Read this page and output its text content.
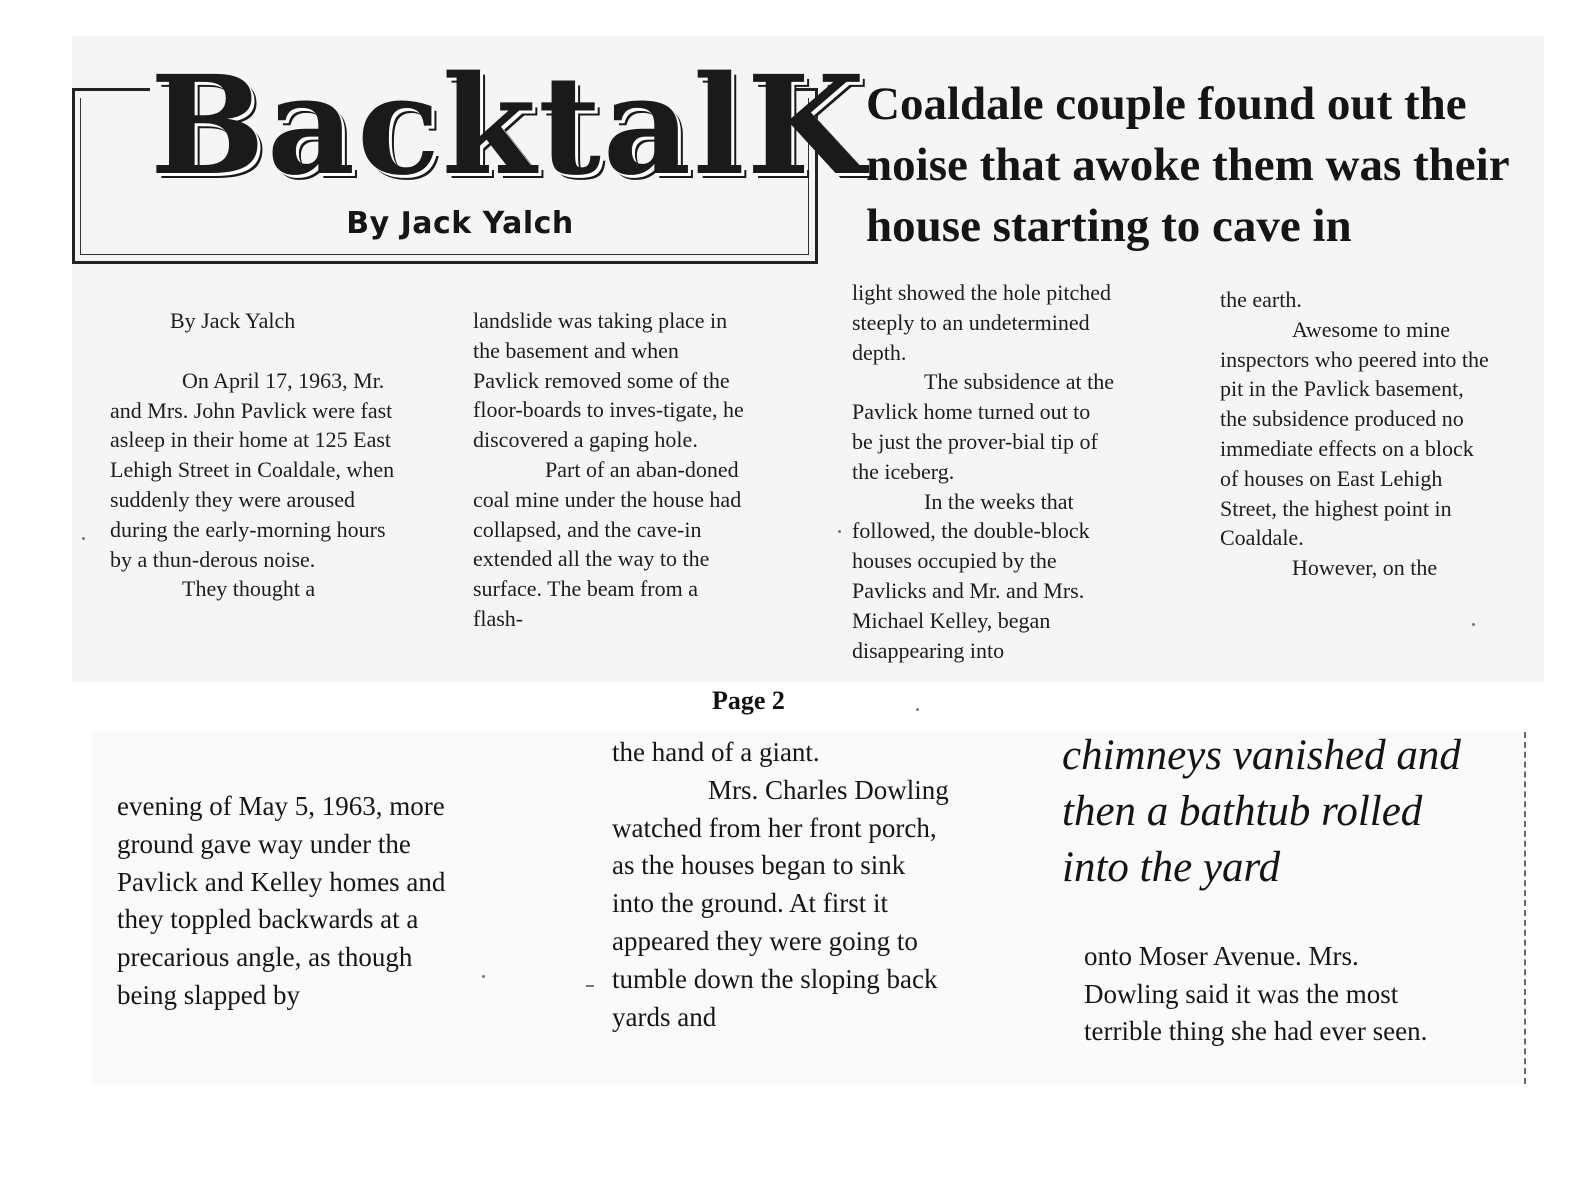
BacktalK
By Jack Yalch
Coaldale couple found out the noise that awoke them was their house starting to cave in

By Jack Yalch

On April 17, 1963, Mr. and Mrs. John Pavlick were fast asleep in their home at 125 East Lehigh Street in Coaldale, when suddenly they were aroused during the early-morning hours by a thun-derous noise.

They thought a

landslide was taking place in the basement and when Pavlick removed some of the floor-boards to inves-tigate, he discovered a gaping hole.

Part of an aban-doned coal mine under the house had collapsed, and the cave-in extended all the way to the surface. The beam from a flash-

light showed the hole pitched steeply to an undetermined depth.

The subsidence at the Pavlick home turned out to be just the prover-bial tip of the iceberg.

In the weeks that followed, the double-block houses occupied by the Pavlicks and Mr. and Mrs. Michael Kelley, began disappearing into

the earth.

Awesome to mine inspectors who peered into the pit in the Pavlick basement, the subsidence produced no immediate effects on a block of houses on East Lehigh Street, the highest point in Coaldale.

However, on the

Page 2

evening of May 5, 1963, more ground gave way under the Pavlick and Kelley homes and they toppled backwards at a precarious angle, as though being slapped by

the hand of a giant.

Mrs. Charles Dowling watched from her front porch, as the houses began to sink into the ground. At first it appeared they were going to tumble down the sloping back yards and

chimneys vanished and then a bathtub rolled into the yard

onto Moser Avenue. Mrs. Dowling said it was the most terrible thing she had ever seen.
